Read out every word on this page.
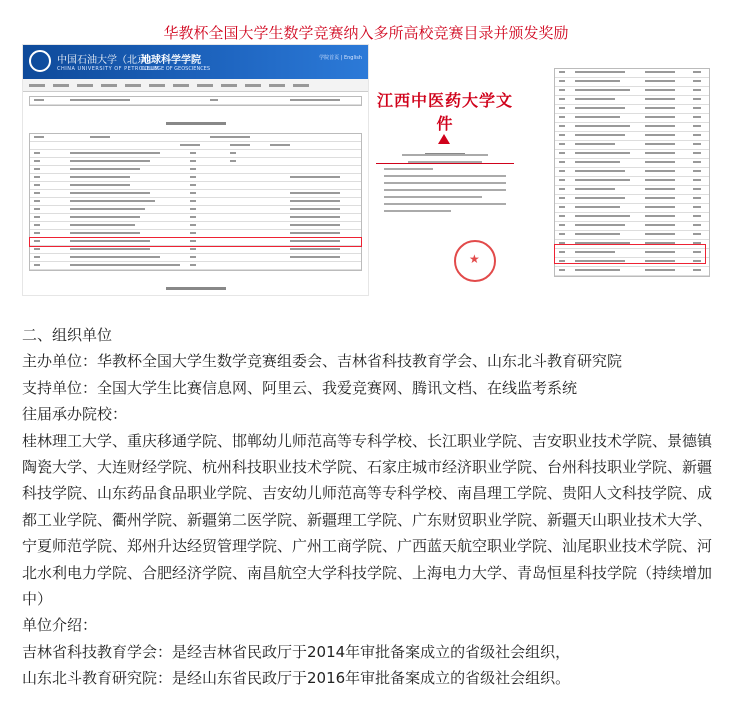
华教杯全国大学生数学竞赛纳入多所高校竞赛目录并颁发奖励
中国石油大学（北京）
地球科学学院
CHINA UNIVERSITY OF PETROLEUM
COLLEGE OF GEOSCIENCES
学院首页 | English
江西中医药大学文件
★

二、组织单位

主办单位：华教杯全国大学生数学竞赛组委会、吉林省科技教育学会、山东北斗教育研究院

支持单位：全国大学生比赛信息网、阿里云、我爱竞赛网、腾讯文档、在线监考系统

往届承办院校：

桂林理工大学、重庆移通学院、邯郸幼儿师范高等专科学校、长江职业学院、吉安职业技术学院、景德镇陶瓷大学、大连财经学院、杭州科技职业技术学院、石家庄城市经济职业学院、台州科技职业学院、新疆科技学院、山东药品食品职业学院、吉安幼儿师范高等专科学校、南昌理工学院、贵阳人文科技学院、成都工业学院、衢州学院、新疆第二医学院、新疆理工学院、广东财贸职业学院、新疆天山职业技术大学、宁夏师范学院、郑州升达经贸管理学院、广州工商学院、广西蓝天航空职业学院、汕尾职业技术学院、河北水利电力学院、合肥经济学院、南昌航空大学科技学院、上海电力大学、青岛恒星科技学院（持续增加中）

单位介绍：

吉林省科技教育学会：是经吉林省民政厅于2014年审批备案成立的省级社会组织，

山东北斗教育研究院：是经山东省民政厅于2016年审批备案成立的省级社会组织。
